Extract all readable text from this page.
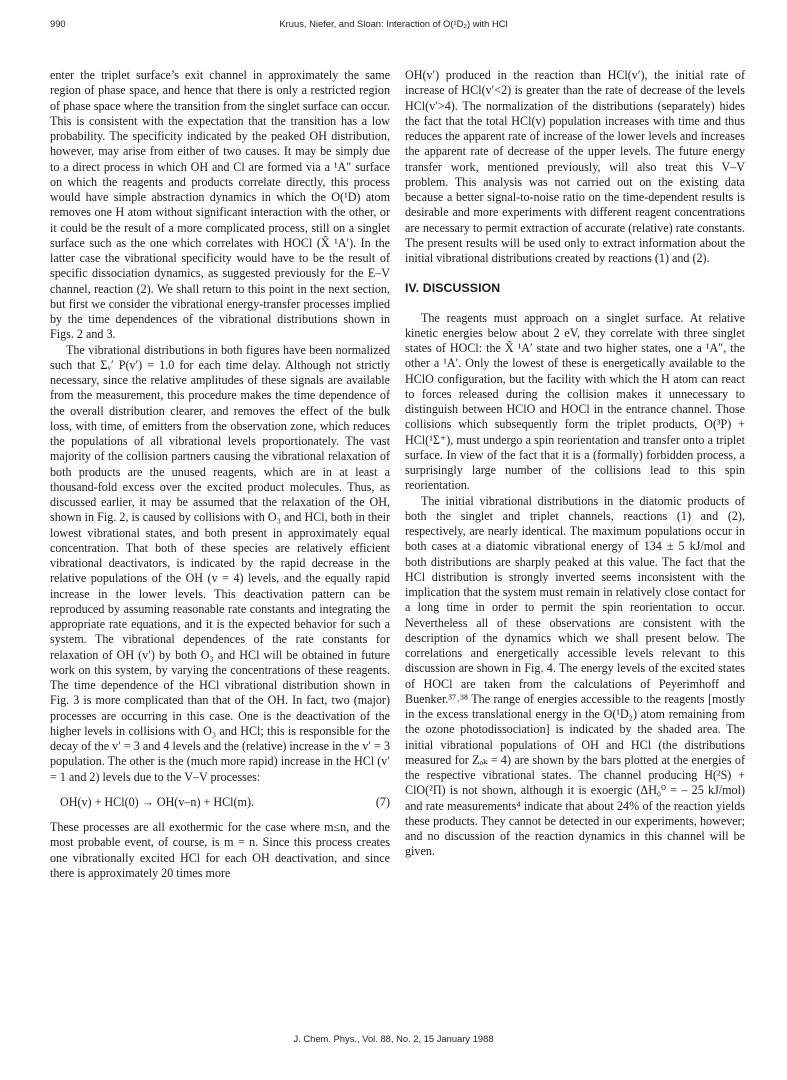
990	Kruus, Niefer, and Sloan: Interaction of O(¹D₂) with HCl

enter the triplet surface’s exit channel in approximately the same region of phase space, and hence that there is only a restricted region of phase space where the transition from the singlet surface can occur. This is consistent with the expectation that the transition has a low probability. The specificity indicated by the peaked OH distribution, however, may arise from either of two causes. It may be simply due to a direct process in which OH and Cl are formed via a ¹A″ surface on which the reagents and products correlate directly, this process would have simple abstraction dynamics in which the O(¹D) atom removes one H atom without significant interaction with the other, or it could be the result of a more complicated process, still on a singlet surface such as the one which correlates with HOCl (X̃ ¹A′). In the latter case the vibrational specificity would have to be the result of specific dissociation dynamics, as suggested previously for the E–V channel, reaction (2). We shall return to this point in the next section, but first we consider the vibrational energy-transfer processes implied by the time dependences of the vibrational distributions shown in Figs. 2 and 3.

The vibrational distributions in both figures have been normalized such that Σᵥ′ P(v′) = 1.0 for each time delay. Although not strictly necessary, since the relative amplitudes of these signals are available from the measurement, this procedure makes the time dependence of the overall distribution clearer, and removes the effect of the bulk loss, with time, of emitters from the observation zone, which reduces the populations of all vibrational levels proportionately. The vast majority of the collision partners causing the vibrational relaxation of both products are the unused reagents, which are in at least a thousand-fold excess over the excited product molecules. Thus, as discussed earlier, it may be assumed that the relaxation of the OH, shown in Fig. 2, is caused by collisions with O₃ and HCl, both in their lowest vibrational states, and both present in approximately equal concentration. That both of these species are relatively efficient vibrational deactivators, is indicated by the rapid decrease in the relative populations of the OH (v = 4) levels, and the equally rapid increase in the lower levels. This deactivation pattern can be reproduced by assuming reasonable rate constants and integrating the appropriate rate equations, and it is the expected behavior for such a system. The vibrational dependences of the rate constants for relaxation of OH (v′) by both O₃ and HCl will be obtained in future work on this system, by varying the concentrations of these reagents. The time dependence of the HCl vibrational distribution shown in Fig. 3 is more complicated than that of the OH. In fact, two (major) processes are occurring in this case. One is the deactivation of the higher levels in collisions with O₃ and HCl; this is responsible for the decay of the v′ = 3 and 4 levels and the (relative) increase in the v′ = 3 population. The other is the (much more rapid) increase in the HCl (v′ = 1 and 2) levels due to the V–V processes:

OH(v) + HCl(0) → OH(v–n) + HCl(m).	(7)

These processes are all exothermic for the case where m≤n, and the most probable event, of course, is m = n. Since this process creates one vibrationally excited HCl for each OH deactivation, and since there is approximately 20 times more

OH(v′) produced in the reaction than HCl(v′), the initial rate of increase of HCl(v′<2) is greater than the rate of decrease of the levels HCl(v′>4). The normalization of the distributions (separately) hides the fact that the total HCl(v) population increases with time and thus reduces the apparent rate of increase of the lower levels and increases the apparent rate of decrease of the upper levels. The future energy transfer work, mentioned previously, will also treat this V–V problem. This analysis was not carried out on the existing data because a better signal-to-noise ratio on the time-dependent results is desirable and more experiments with different reagent concentrations are necessary to permit extraction of accurate (relative) rate constants. The present results will be used only to extract information about the initial vibrational distributions created by reactions (1) and (2).

IV. DISCUSSION

The reagents must approach on a singlet surface. At relative kinetic energies below about 2 eV, they correlate with three singlet states of HOCl: the X̃ ¹A′ state and two higher states, one a ¹A″, the other a ¹A′. Only the lowest of these is energetically available to the HClO configuration, but the facility with which the H atom can react to forces released during the collision makes it unnecessary to distinguish between HClO and HOCl in the entrance channel. Those collisions which subsequently form the triplet products, O(³P) + HCl(¹Σ⁺), must undergo a spin reorientation and transfer onto a triplet surface. In view of the fact that it is a (formally) forbidden process, a surprisingly large number of the collisions lead to this spin reorientation.

The initial vibrational distributions in the diatomic products of both the singlet and triplet channels, reactions (1) and (2), respectively, are nearly identical. The maximum populations occur in both cases at a diatomic vibrational energy of 134 ± 5 kJ/mol and both distributions are sharply peaked at this value. The fact that the HCl distribution is strongly inverted seems inconsistent with the implication that the system must remain in relatively close contact for a long time in order to permit the spin reorientation to occur. Nevertheless all of these observations are consistent with the description of the dynamics which we shall present below. The correlations and energetically accessible levels relevant to this discussion are shown in Fig. 4. The energy levels of the excited states of HOCl are taken from the calculations of Peyerimhoff and Buenker.³⁷˒³⁸ The range of energies accessible to the reagents [mostly in the excess translational energy in the O(¹D₂) atom remaining from the ozone photodissociation] is indicated by the shaded area. The initial vibrational populations of OH and HCl (the distributions measured for Zₒₖ = 4) are shown by the bars plotted at the energies of the respective vibrational states. The channel producing H(²S) + ClO(²Π) is not shown, although it is exoergic (ΔH₀⁰ = – 25 kJ/mol) and rate measurements⁴ indicate that about 24% of the reaction yields these products. They cannot be detected in our experiments, however; and no discussion of the reaction dynamics in this channel will be given.

J. Chem. Phys., Vol. 88, No. 2, 15 January 1988
